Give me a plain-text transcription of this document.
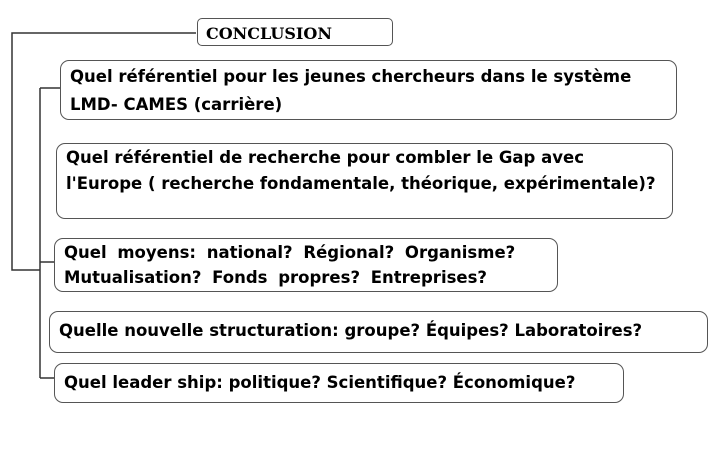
CONCLUSION
Quel référentiel pour les jeunes chercheurs dans le système LMD- CAMES (carrière)
Quel référentiel de recherche pour combler le Gap avec l'Europe ( recherche fondamentale, théorique, expérimentale)?
Quel moyens: national? Régional? Organisme? Mutualisation? Fonds propres? Entreprises?
Quelle nouvelle structuration: groupe? Équipes? Laboratoires?
Quel leader ship: politique? Scientifique? Économique?
